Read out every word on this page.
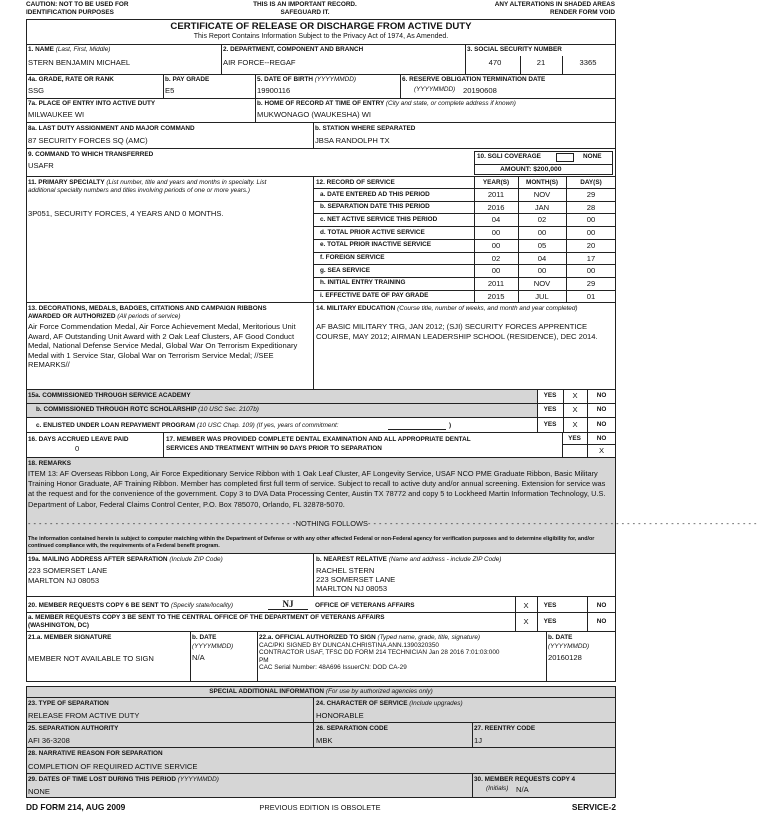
CAUTION: NOT TO BE USED FOR IDENTIFICATION PURPOSES
THIS IS AN IMPORTANT RECORD. SAFEGUARD IT.
ANY ALTERATIONS IN SHADED AREAS RENDER FORM VOID
CERTIFICATE OF RELEASE OR DISCHARGE FROM ACTIVE DUTY
This Report Contains Information Subject to the Privacy Act of 1974, As Amended.
1. NAME (Last, First, Middle)
STERN BENJAMIN MICHAEL
2. DEPARTMENT, COMPONENT AND BRANCH
AIR FORCE--REGAF
3. SOCIAL SECURITY NUMBER
470	21	3365
4a. GRADE, RATE OR RANK
SSG
b. PAY GRADE
E5
5. DATE OF BIRTH (YYYYMMDD)
19900116
6. RESERVE OBLIGATION TERMINATION DATE
(YYYYMMDD) 20190608
7a. PLACE OF ENTRY INTO ACTIVE DUTY
MILWAUKEE WI
b. HOME OF RECORD AT TIME OF ENTRY (City and state, or complete address if known)
MUKWONAGO (WAUKESHA) WI
8a. LAST DUTY ASSIGNMENT AND MAJOR COMMAND
87 SECURITY FORCES SQ (AMC)
b. STATION WHERE SEPARATED
JBSA RANDOLPH TX
9. COMMAND TO WHICH TRANSFERRED
USAFR
10. SGLI COVERAGE	NONE
AMOUNT: $200,000
11. PRIMARY SPECIALTY (List number, title and years and months in specialty. List additional specialty numbers and titles involving periods of one or more years.)
3P051, SECURITY FORCES, 4 YEARS AND 0 MONTHS.
12. RECORD OF SERVICE	YEAR(S)	MONTH(S)	DAY(S)
a. DATE ENTERED AD THIS PERIOD	2011	NOV	29
b. SEPARATION DATE THIS PERIOD	2016	JAN	28
c. NET ACTIVE SERVICE THIS PERIOD	04	02	00
d. TOTAL PRIOR ACTIVE SERVICE	00	00	00
e. TOTAL PRIOR INACTIVE SERVICE	00	05	20
f. FOREIGN SERVICE	02	04	17
g. SEA SERVICE	00	00	00
h. INITIAL ENTRY TRAINING	2011	NOV	29
i. EFFECTIVE DATE OF PAY GRADE	2015	JUL	01
13. DECORATIONS, MEDALS, BADGES, CITATIONS AND CAMPAIGN RIBBONS AWARDED OR AUTHORIZED (All periods of service)
Air Force Commendation Medal, Air Force Achievement Medal, Meritorious Unit Award, AF Outstanding Unit Award with 2 Oak Leaf Clusters, AF Good Conduct Medal, National Defense Service Medal, Global War On Terrorism Expeditionary Medal with 1 Service Star, Global War on Terrorism Service Medal; //SEE REMARKS//
14. MILITARY EDUCATION (Course title, number of weeks, and month and year completed)
AF BASIC MILITARY TRG, JAN 2012; (SJI) SECURITY FORCES APPRENTICE COURSE, MAY 2012; AIRMAN LEADERSHIP SCHOOL (RESIDENCE), DEC 2014.
15a. COMMISSIONED THROUGH SERVICE ACADEMY
b. COMMISSIONED THROUGH ROTC SCHOLARSHIP (10 USC Sec. 2107b)
c. ENLISTED UNDER LOAN REPAYMENT PROGRAM (10 USC Chap. 109) (If yes, years of commitment:	)
YES	X	NO
YES	X	NO
YES	X	NO
16. DAYS ACCRUED LEAVE PAID
0
17. MEMBER WAS PROVIDED COMPLETE DENTAL EXAMINATION AND ALL APPROPRIATE DENTAL SERVICES AND TREATMENT WITHIN 90 DAYS PRIOR TO SEPARATION
YES	NO
X
18. REMARKS
ITEM 13: AF Overseas Ribbon Long, Air Force Expeditionary Service Ribbon with 1 Oak Leaf Cluster, AF Longevity Service, USAF NCO PME Graduate Ribbon, Basic Military Training Honor Graduate, AF Training Ribbon. Member has completed first full term of service. Subject to recall to active duty and/or annual screening. Extension for service was at the request and for the convenience of the government. Copy 3 to DVA Data Processing Center, Austin TX 78772 and copy 5 to Lockheed Martin Information Technology, U.S. Department of Labor, Federal Claims Control Center, P.O. Box 785070, Orlando, FL 32878-5070.
- - - - - - - - - - - - - - - - - - - - - - - - - - - - - - - - - - - - - - - - - - - - - - - - -NOTHING FOLLOWS- - - - - - - - - - - - - - - - - - - - - - - - - - - - - - - - - - - - - - - - - - - - - - - - - - - - - - - - - - - - - - - - - - - - - - -
The information contained herein is subject to computer matching within the Department of Defense or with any other affected Federal or non-Federal agency for verification purposes and to determine eligibility for, and/or continued compliance with, the requirements of a Federal benefit program.
19a. MAILING ADDRESS AFTER SEPARATION (Include ZIP Code)
223 SOMERSET LANE
MARLTON NJ 08053
b. NEAREST RELATIVE (Name and address - include ZIP Code)
RACHEL STERN
223 SOMERSET LANE
MARLTON NJ 08053
20. MEMBER REQUESTS COPY 6 BE SENT TO (Specify state/locality)	NJ	OFFICE OF VETERANS AFFAIRS
a. MEMBER REQUESTS COPY 3 BE SENT TO THE CENTRAL OFFICE OF THE DEPARTMENT OF VETERANS AFFAIRS (WASHINGTON, DC)
X	YES	NO
X	YES	NO
21.a. MEMBER SIGNATURE
MEMBER NOT AVAILABLE TO SIGN
b. DATE
(YYYYMMDD)
N/A
22.a. OFFICIAL AUTHORIZED TO SIGN (Typed name, grade, title, signature)
CAC/PKI SIGNED BY DUNCAN.CHRISTINA.ANN.1390320350
CONTRACTOR USAF, TFSC DD FORM 214 TECHNICIAN Jan 28 2016 7:01:03:000
PM
CAC Serial Number: 48A696 IssuerCN: DOD CA-29
b. DATE
(YYYYMMDD)
20160128
SPECIAL ADDITIONAL INFORMATION (For use by authorized agencies only)
23. TYPE OF SEPARATION
RELEASE FROM ACTIVE DUTY
24. CHARACTER OF SERVICE (Include upgrades)
HONORABLE
25. SEPARATION AUTHORITY
AFI 36-3208
26. SEPARATION CODE
MBK
27. REENTRY CODE
1J
28. NARRATIVE REASON FOR SEPARATION
COMPLETION OF REQUIRED ACTIVE SERVICE
29. DATES OF TIME LOST DURING THIS PERIOD (YYYYMMDD)
NONE
30. MEMBER REQUESTS COPY 4
(Initials) N/A
DD FORM 214, AUG 2009	PREVIOUS EDITION IS OBSOLETE	SERVICE-2
